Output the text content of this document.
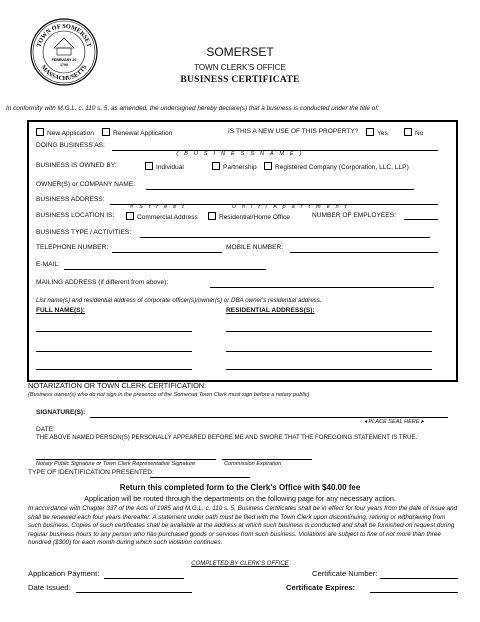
TOWN OF SOMERSET
MASSACHUSETTS
FEBRUARY 20
1790
SOMERSET
TOWN CLERK'S OFFICE
BUSINESS CERTIFICATE
In conformity with M.G.L. c. 110 s. 5, as amended, the undersigned hereby declare(s) that a business is conducted under the title of:
New Application	Renewal Application	IS THIS A NEW USE OF THIS PROPERTY?	Yes	No
DOING BUSINESS AS:
( B U S I N E S S N A M E )
BUSINESS IS OWNED BY:	Individual	Partnership	Registered Company (Corporation, LLC, LLP)
OWNER(S) or COMPANY NAME:
BUSINESS ADDRESS:
# S t r e e t	U n i t / A p a r t m e n t
BUSINESS LOCATION IS:	Commercial Address	Residential/Home Office	NUMBER OF EMPLOYEES:
BUSINESS TYPE / ACTIVITIES:
TELEPHONE NUMBER:	MOBILE NUMBER:
E-MAIL:
MAILING ADDRESS (if different from above):
List name(s) and residential address of corporate officer(s)/owner(s) or DBA owner's residential address.
FULL NAME(S):	RESIDENTIAL ADDRESS(S):
NOTARIZATION OR TOWN CLERK CERTIFICATION:
(Business owner(s) who do not sign in the presence of the Somerset Town Clerk must sign before a notary public)
SIGNATURE(S):
◂ PLACE SEAL HERE ▸
DATE:
THE ABOVE NAMED PERSON(S) PERSONALLY APPEARED BEFORE ME AND SWORE THAT THE FOREGOING STATEMENT IS TRUE.
Notary Public Signature or Town Clerk Representative Signature	Commission Expiration
TYPE OF IDENTIFICATION PRESENTED:
Return this completed form to the Clerk's Office with $40.00 fee
Application will be routed through the departments on the following page for any necessary action.
In accordance with Chapter 337 of the Acts of 1985 and M.G.L. c. 110 s. 5, Business Certificates shall be in effect for four years from the date of issue and shall be renewed each four years thereafter. A statement under oath must be filed with the Town Clerk upon discontinuing, retiring or withdrawing from such business. Copies of such certificates shall be available at the address at which such business is conducted and shall be furnished on request during regular business hours to any person who has purchased goods or services from such business. Violations are subject to fine of not more than three hundred ($300) for each month during which such violation continues.
COMPLETED BY CLERK'S OFFICE
Application Payment:	Certificate Number:
Date Issued:	Certificate Expires:
